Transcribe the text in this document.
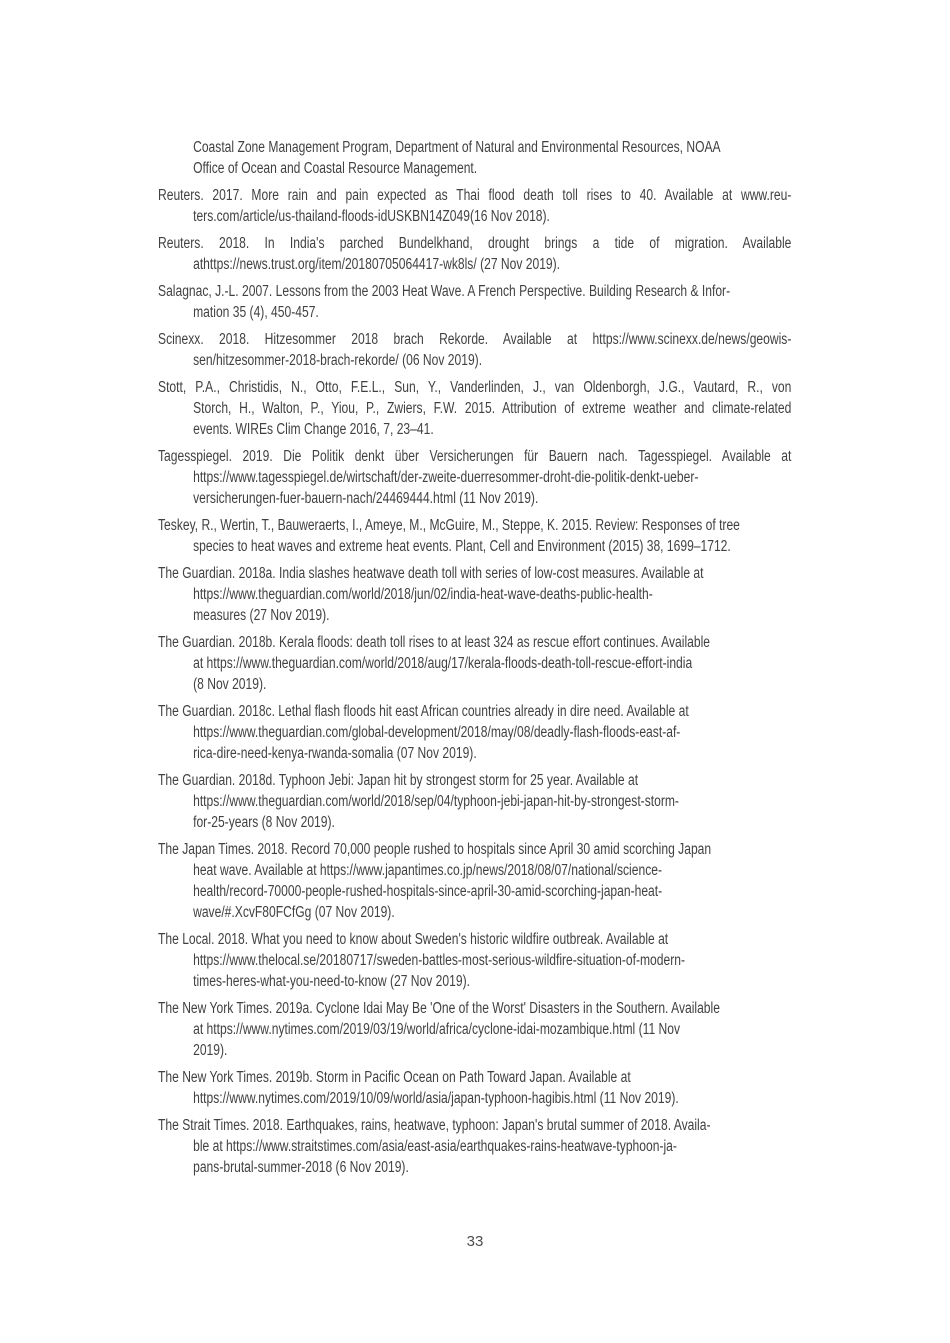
Coastal Zone Management Program, Department of Natural and Environmental Resources, NOAA
Office of Ocean and Coastal Resource Management.
Reuters. 2017. More rain and pain expected as Thai flood death toll rises to 40. Available at www.reu-
ters.com/article/us-thailand-floods-idUSKBN14Z049(16 Nov 2018).
Reuters. 2018. In India's parched Bundelkhand, drought brings a tide of migration. Available
athttps://news.trust.org/item/20180705064417-wk8ls/ (27 Nov 2019).
Salagnac, J.-L. 2007. Lessons from the 2003 Heat Wave. A French Perspective. Building Research & Infor-
mation 35 (4), 450-457.
Scinexx. 2018. Hitzesommer 2018 brach Rekorde. Available at https://www.scinexx.de/news/geowis-
sen/hitzesommer-2018-brach-rekorde/ (06 Nov 2019).
Stott, P.A., Christidis, N., Otto, F.E.L., Sun, Y., Vanderlinden, J., van Oldenborgh, J.G., Vautard, R., von
Storch, H., Walton, P., Yiou, P., Zwiers, F.W. 2015. Attribution of extreme weather and climate-related
events. WIREs Clim Change 2016, 7, 23–41.
Tagesspiegel. 2019. Die Politik denkt über Versicherungen für Bauern nach. Tagesspiegel. Available at
https://www.tagesspiegel.de/wirtschaft/der-zweite-duerresommer-droht-die-politik-denkt-ueber-
versicherungen-fuer-bauern-nach/24469444.html (11 Nov 2019).
Teskey, R., Wertin, T., Bauweraerts, I., Ameye, M., McGuire, M., Steppe, K. 2015. Review: Responses of tree
species to heat waves and extreme heat events. Plant, Cell and Environment (2015) 38, 1699–1712.
The Guardian. 2018a. India slashes heatwave death toll with series of low-cost measures. Available at
https://www.theguardian.com/world/2018/jun/02/india-heat-wave-deaths-public-health-
measures (27 Nov 2019).
The Guardian. 2018b. Kerala floods: death toll rises to at least 324 as rescue effort continues. Available
at https://www.theguardian.com/world/2018/aug/17/kerala-floods-death-toll-rescue-effort-india
(8 Nov 2019).
The Guardian. 2018c. Lethal flash floods hit east African countries already in dire need. Available at
https://www.theguardian.com/global-development/2018/may/08/deadly-flash-floods-east-af-
rica-dire-need-kenya-rwanda-somalia (07 Nov 2019).
The Guardian. 2018d. Typhoon Jebi: Japan hit by strongest storm for 25 year. Available at
https://www.theguardian.com/world/2018/sep/04/typhoon-jebi-japan-hit-by-strongest-storm-
for-25-years (8 Nov 2019).
The Japan Times. 2018. Record 70,000 people rushed to hospitals since April 30 amid scorching Japan
heat wave. Available at https://www.japantimes.co.jp/news/2018/08/07/national/science-
health/record-70000-people-rushed-hospitals-since-april-30-amid-scorching-japan-heat-
wave/#.XcvF80FCfGg (07 Nov 2019).
The Local. 2018. What you need to know about Sweden's historic wildfire outbreak. Available at
https://www.thelocal.se/20180717/sweden-battles-most-serious-wildfire-situation-of-modern-
times-heres-what-you-need-to-know (27 Nov 2019).
The New York Times. 2019a. Cyclone Idai May Be 'One of the Worst' Disasters in the Southern. Available
at https://www.nytimes.com/2019/03/19/world/africa/cyclone-idai-mozambique.html (11 Nov
2019).
The New York Times. 2019b. Storm in Pacific Ocean on Path Toward Japan. Available at
https://www.nytimes.com/2019/10/09/world/asia/japan-typhoon-hagibis.html (11 Nov 2019).
The Strait Times. 2018. Earthquakes, rains, heatwave, typhoon: Japan's brutal summer of 2018. Availa-
ble at https://www.straitstimes.com/asia/east-asia/earthquakes-rains-heatwave-typhoon-ja-
pans-brutal-summer-2018 (6 Nov 2019).
33
